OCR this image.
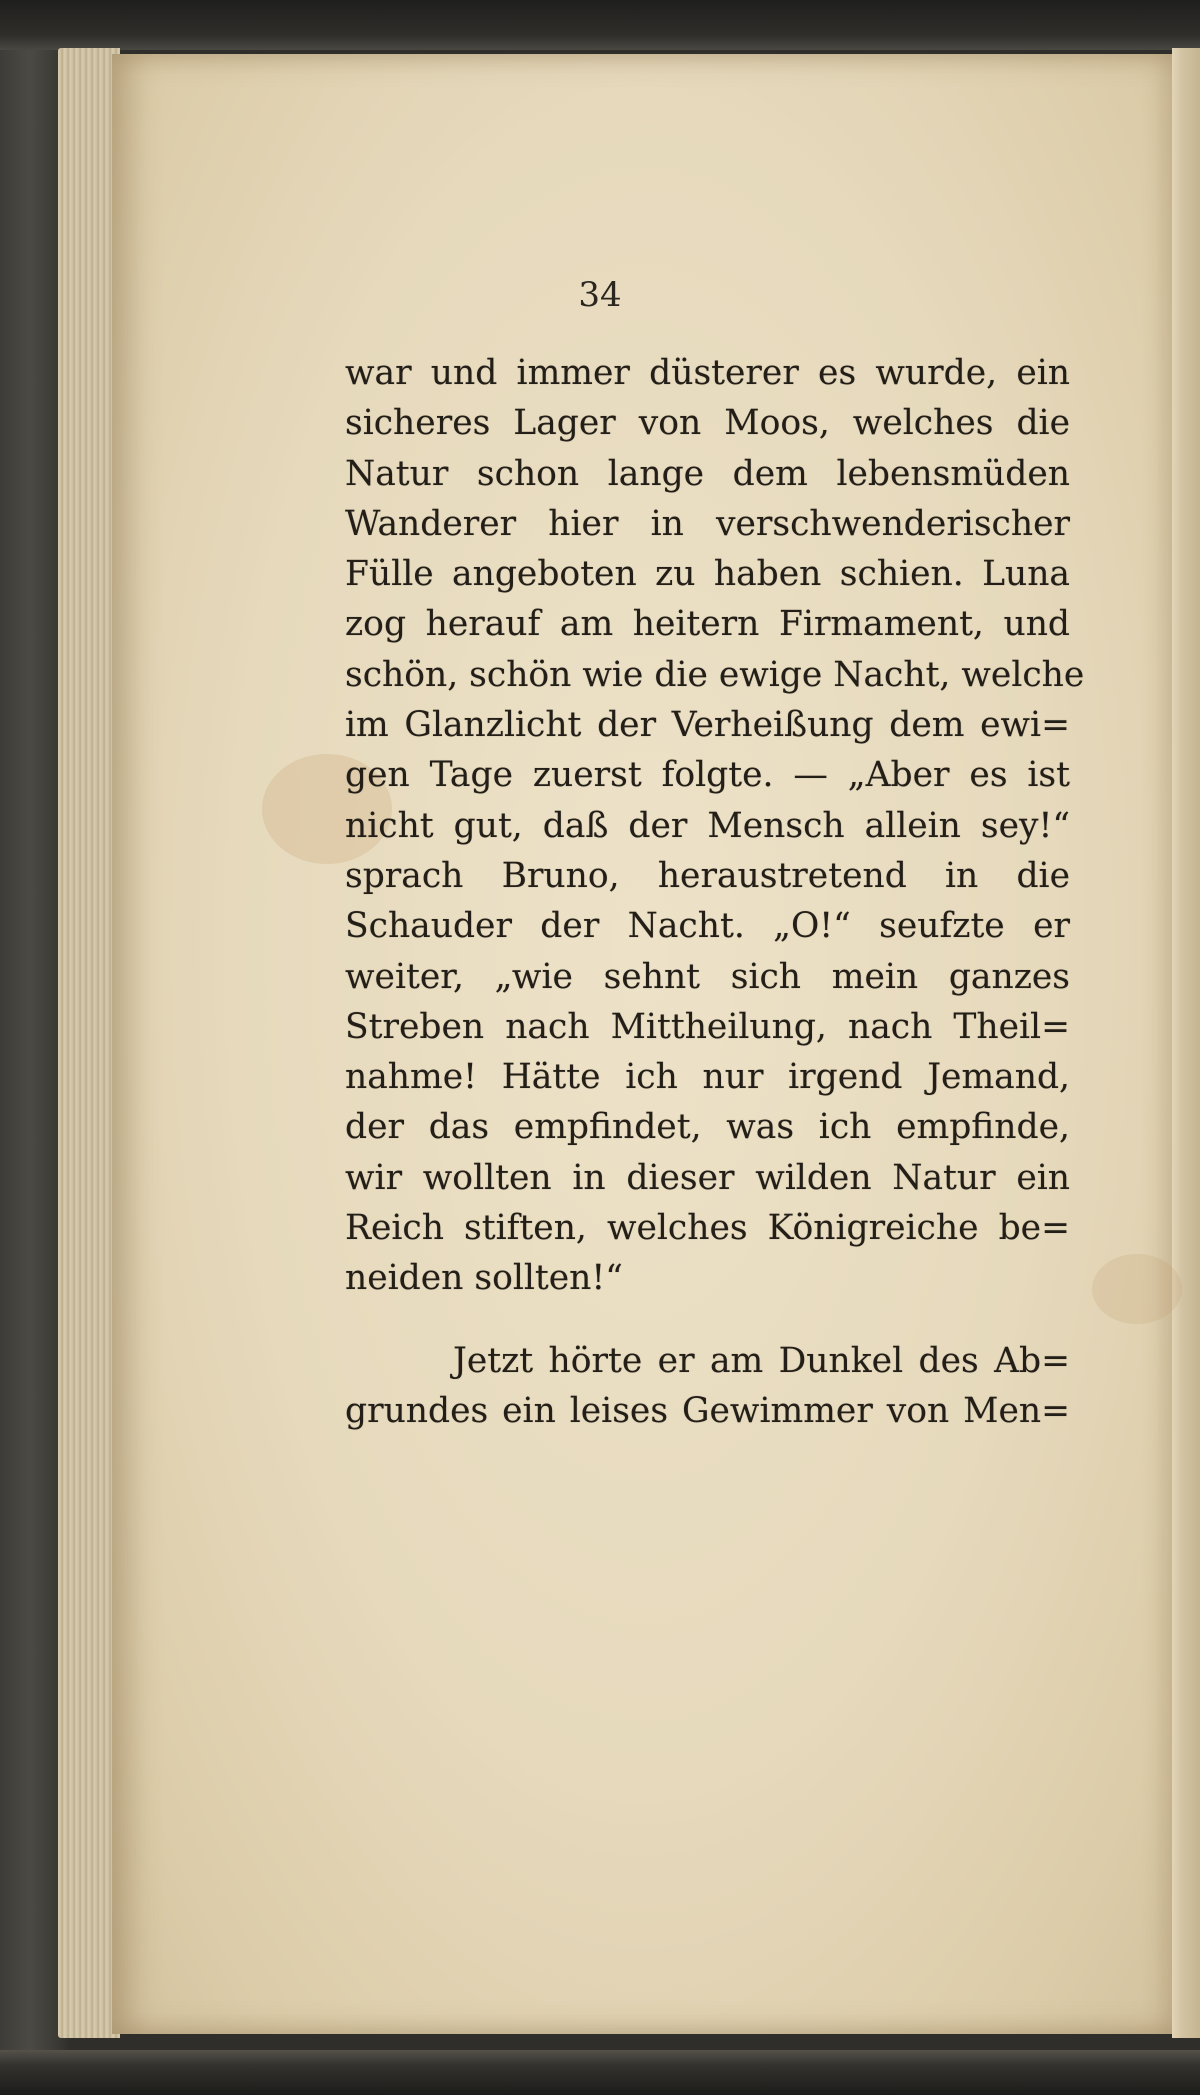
34
war und immer düsterer es wurde, ein
sicheres Lager von Moos, welches die
Natur schon lange dem lebensmüden
Wanderer hier in verschwenderischer
Fülle angeboten zu haben schien. Luna
zog herauf am heitern Firmament, und
schön, schön wie die ewige Nacht, welche
im Glanzlicht der Verheißung dem ewi=
gen Tage zuerst folgte. — „Aber es ist
nicht gut, daß der Mensch allein sey!“
sprach Bruno, heraustretend in die
Schauder der Nacht. „O!“ seufzte er
weiter, „wie sehnt sich mein ganzes
Streben nach Mittheilung, nach Theil=
nahme! Hätte ich nur irgend Jemand,
der das empfindet, was ich empfinde,
wir wollten in dieser wilden Natur ein
Reich stiften, welches Königreiche be=
neiden sollten!“
Jetzt hörte er am Dunkel des Ab=
grundes ein leises Gewimmer von Men=
